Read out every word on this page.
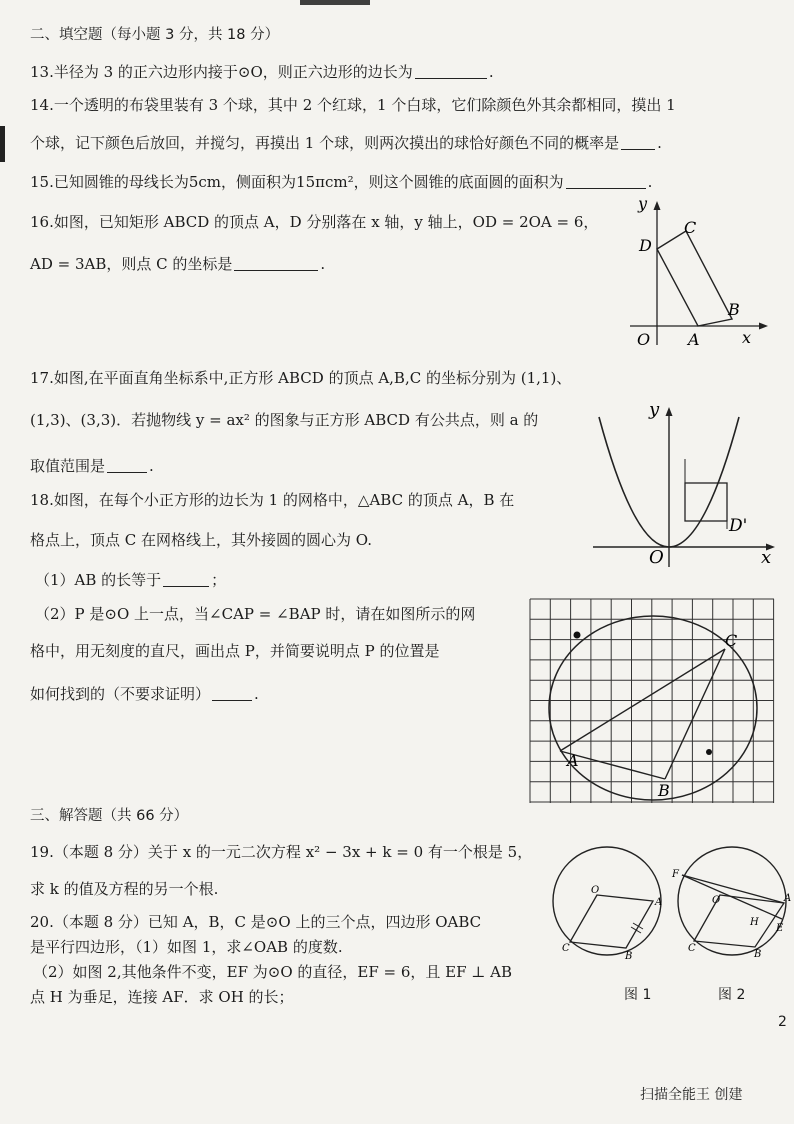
二、填空题（每小题 3 分，共 18 分）
13.半径为 3 的正六边形内接于⊙O，则正六边形的边长为	.
14.一个透明的布袋里装有 3 个球，其中 2 个红球，1 个白球，它们除颜色外其余都相同，摸出 1
个球，记下颜色后放回，并搅匀，再摸出 1 个球，则两次摸出的球恰好颜色不同的概率是	.
15.已知圆锥的母线长为5cm，侧面积为15πcm²，则这个圆锥的底面圆的面积为	.
16.如图，已知矩形 ABCD 的顶点 A，D 分别落在 x 轴，y 轴上，OD = 2OA = 6，
AD = 3AB，则点 C 的坐标是	.
y
x
O A
B
C
D
17.如图,在平面直角坐标系中,正方形 ABCD 的顶点 A,B,C 的坐标分别为 (1,1)、
(1,3)、(3,3)．若抛物线 y = ax² 的图象与正方形 ABCD 有公共点，则 a 的
取值范围是	.
y
x
O
D'
18.如图，在每个小正方形的边长为 1 的网格中，△ABC 的顶点 A，B 在
格点上，顶点 C 在网格线上，其外接圆的圆心为 O.
（1）AB 的长等于	；
（2）P 是⊙O 上一点，当∠CAP = ∠BAP 时，请在如图所示的网
格中，用无刻度的直尺，画出点 P，并简要说明点 P 的位置是
如何找到的（不要求证明）	.
A
B
C
三、解答题（共 66 分）
19.（本题 8 分）关于 x 的一元二次方程 x² − 3x + k = 0 有一个根是 5，
求 k 的值及方程的另一个根.
20.（本题 8 分）已知 A，B，C 是⊙O 上的三个点，四边形 OABC
是平行四边形，（1）如图 1，求∠OAB 的度数.
（2）如图 2,其他条件不变，EF 为⊙O 的直径，EF = 6，且 EF ⊥ AB
点 H 为垂足，连接 AF．求 OH 的长；
O
A
B
C
F
O	A
E
H
B
C
图 1	图 2
2
扫描全能王 创建
